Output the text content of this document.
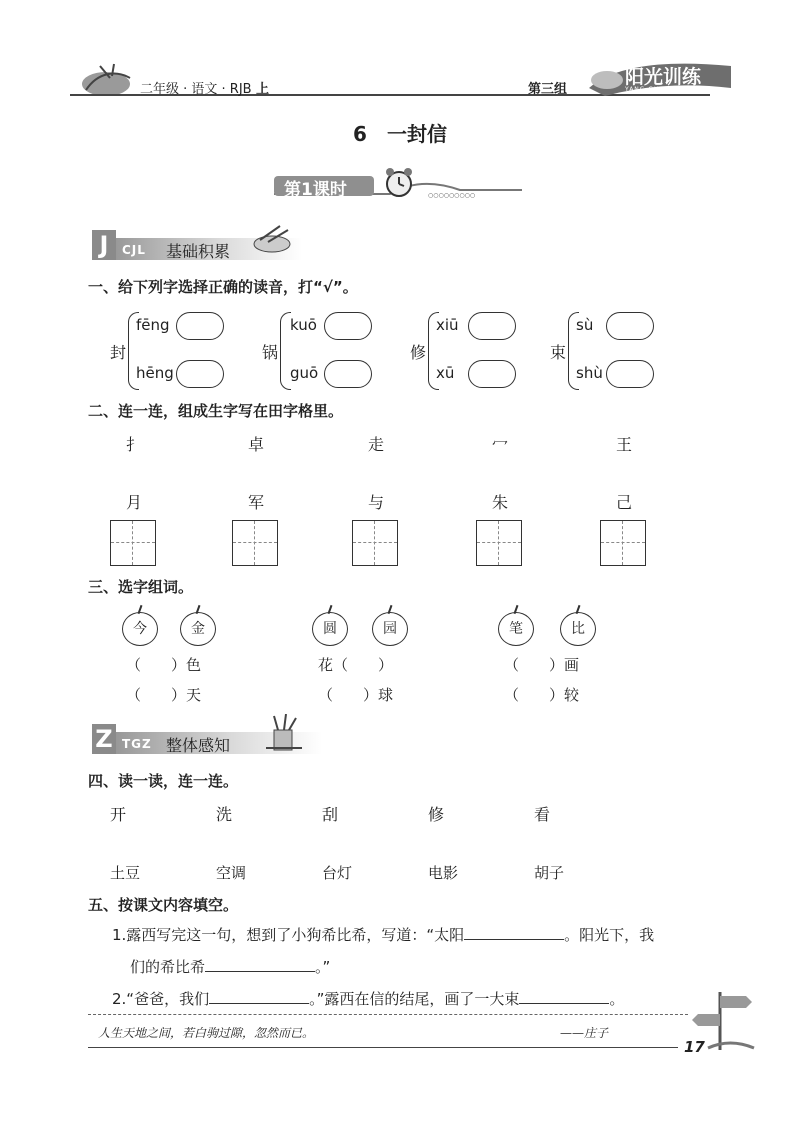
二年级 · 语文 · RJB 上	第三组
阳光训练
YANG GUANG XUN LIAN
6　一封信
○○○○○○○○○
第1课时
J	CJL 基础积累
一、给下列字选择正确的读音，打“√”。
封
fēng
hēng
锅
kuō
guō
修
xiū
xū
束
sù
shù
二、连一连，组成生字写在田字格里。
扌	卓	走	冖	王
月	军	与	朱	己
三、选字组词。
今	金
（　　）色
（　　）天
圆	园
花（　　）
（　　）球
笔	比
（　　）画
（　　）较
Z TGZ 整体感知
四、读一读，连一连。
开	洗	刮	修	看
土豆	空调	台灯	电影	胡子
五、按课文内容填空。
1.露西写完这一句，想到了小狗希比希，写道：“太阳	。阳光下，我
们的希比希	。”
2.“爸爸，我们	。”露西在信的结尾，画了一大束	。
人生天地之间，若白驹过隙，忽然而已。	——庄子
17
